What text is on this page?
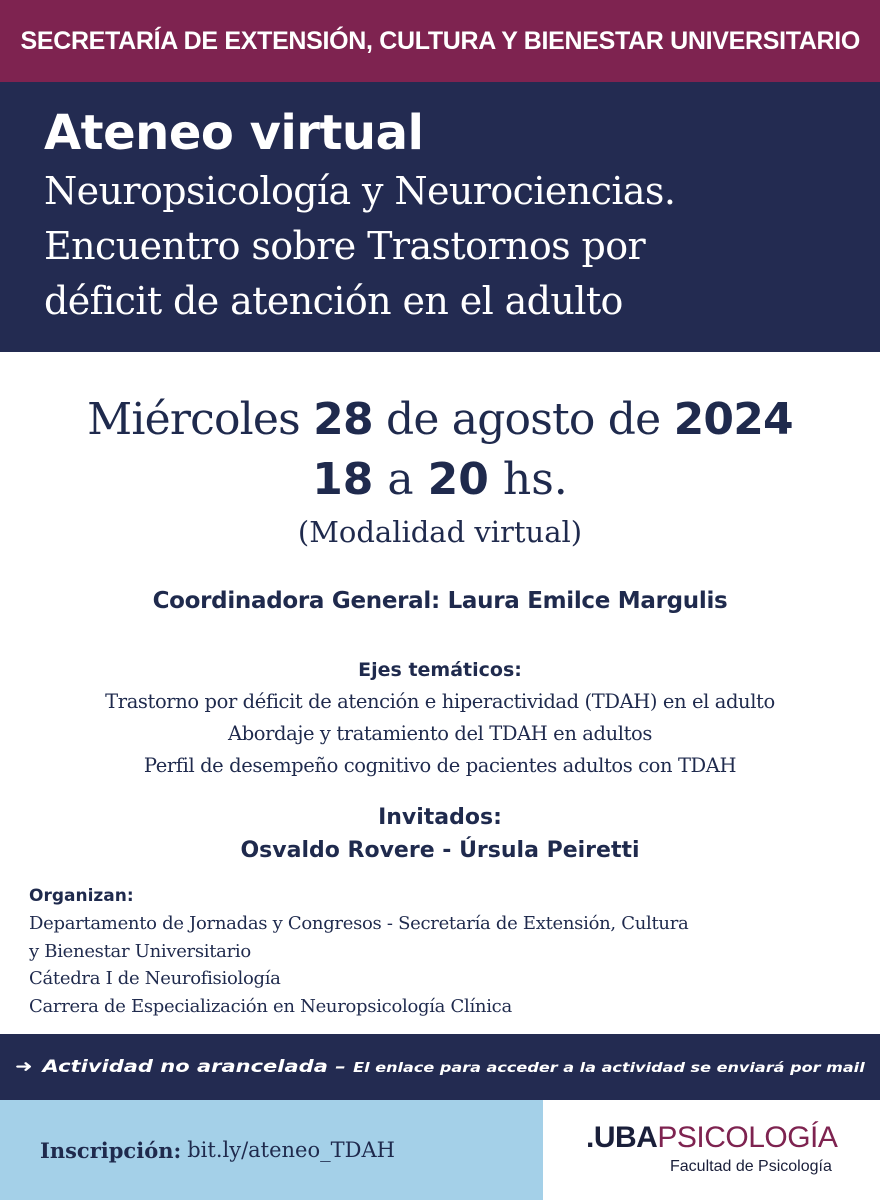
SECRETARÍA DE EXTENSIÓN, CULTURA Y BIENESTAR UNIVERSITARIO
Ateneo virtual
Neuropsicología y Neurociencias.
Encuentro sobre Trastornos por
déficit de atención en el adulto
Miércoles 28 de agosto de 2024
18 a 20 hs.
(Modalidad virtual)
Coordinadora General: Laura Emilce Margulis
Ejes temáticos:
Trastorno por déficit de atención e hiperactividad (TDAH) en el adulto
Abordaje y tratamiento del TDAH en adultos
Perfil de desempeño cognitivo de pacientes adultos con TDAH
Invitados:
Osvaldo Rovere - Úrsula Peiretti
Organizan:
Departamento de Jornadas y Congresos - Secretaría de Extensión, Cultura
y Bienestar Universitario
Cátedra I de Neurofisiología
Carrera de Especialización en Neuropsicología Clínica
➜ Actividad no arancelada – El enlace para acceder a la actividad se enviará por mail
Inscripción: bit.ly/ateneo_TDAH	.UBAPSICOLOGÍA
Facultad de Psicología
